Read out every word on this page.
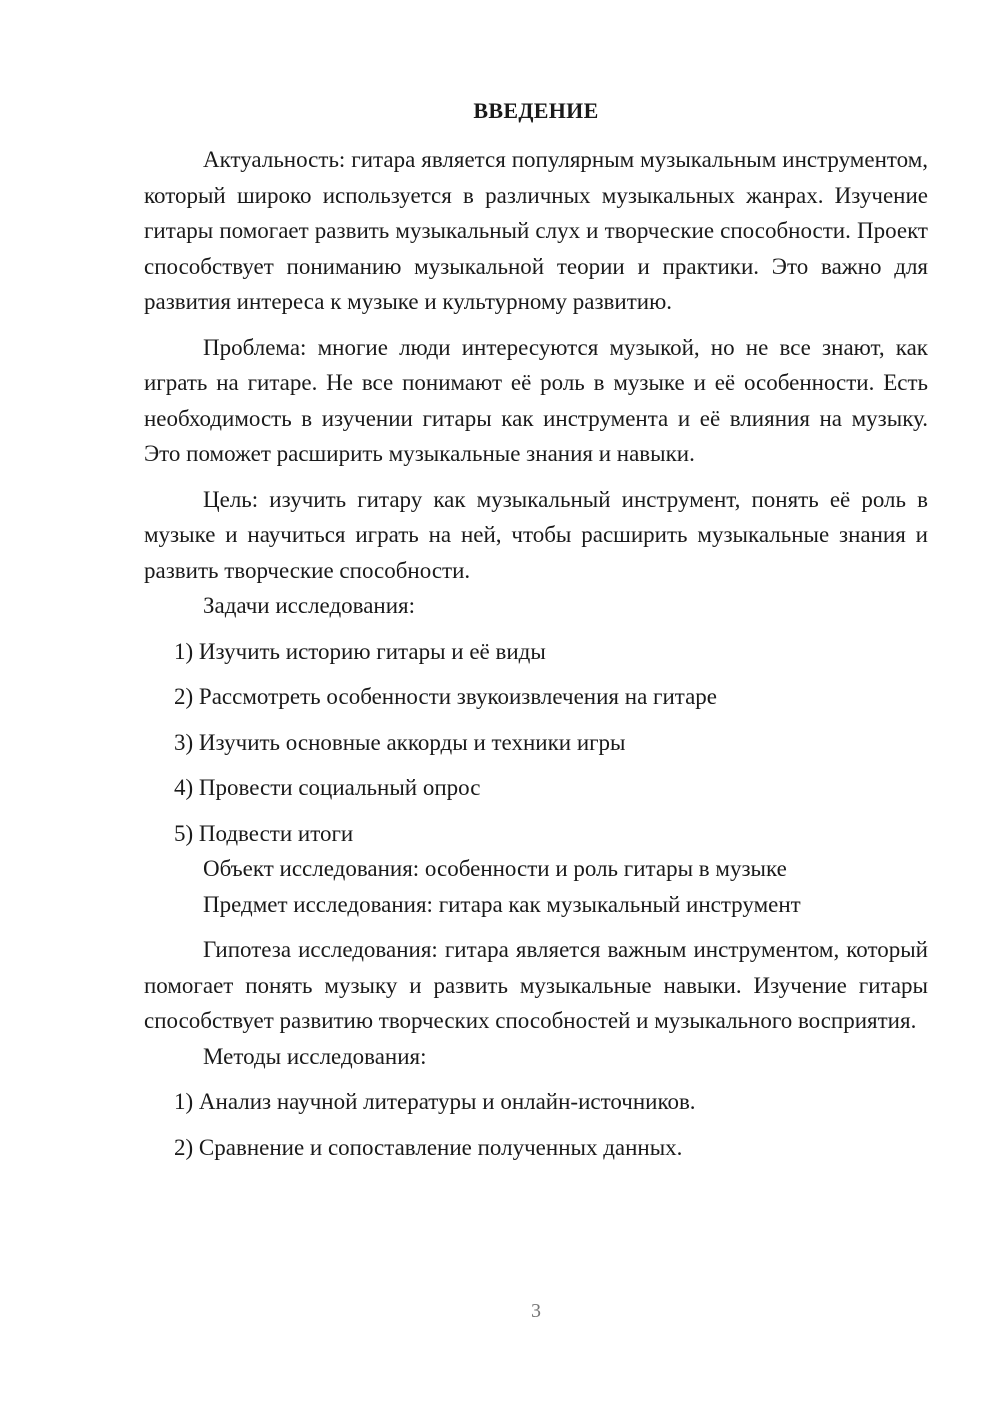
ВВЕДЕНИЕ

Актуальность: гитара является популярным музыкальным инструментом, который широко используется в различных музыкальных жанрах. Изучение гитары помогает развить музыкальный слух и творческие способности. Проект способствует пониманию музыкальной теории и практики. Это важно для развития интереса к музыке и культурному развитию.

Проблема: многие люди интересуются музыкой, но не все знают, как играть на гитаре. Не все понимают её роль в музыке и её особенности. Есть необходимость в изучении гитары как инструмента и её влияния на музыку. Это поможет расширить музыкальные знания и навыки.

Цель: изучить гитару как музыкальный инструмент, понять её роль в музыке и научиться играть на ней, чтобы расширить музыкальные знания и развить творческие способности.

Задачи исследования:

1) Изучить историю гитары и её виды

2) Рассмотреть особенности звукоизвлечения на гитаре

3) Изучить основные аккорды и техники игры

4) Провести социальный опрос

5) Подвести итоги

Объект исследования: особенности и роль гитары в музыке

Предмет исследования: гитара как музыкальный инструмент

Гипотеза исследования: гитара является важным инструментом, который помогает понять музыку и развить музыкальные навыки. Изучение гитары способствует развитию творческих способностей и музыкального восприятия.

Методы исследования:

1) Анализ научной литературы и онлайн-источников.

2) Сравнение и сопоставление полученных данных.

3
